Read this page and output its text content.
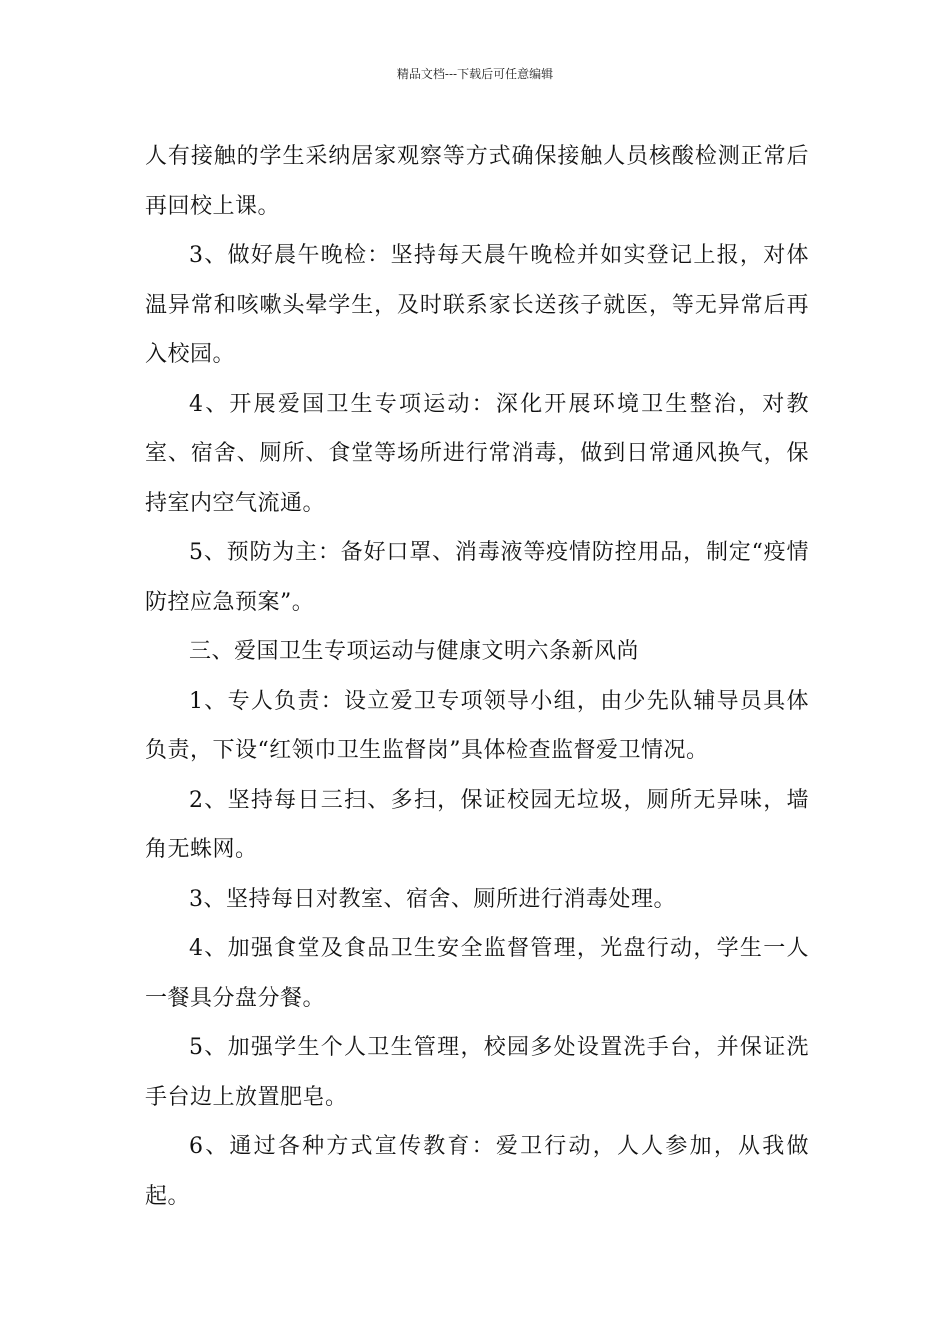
精品文档---下载后可任意编辑

人有接触的学生采纳居家观察等方式确保接触人员核酸检测正常后再回校上课。

3、做好晨午晚检：坚持每天晨午晚检并如实登记上报，对体温异常和咳嗽头晕学生，及时联系家长送孩子就医，等无异常后再入校园。

4、开展爱国卫生专项运动：深化开展环境卫生整治，对教室、宿舍、厕所、食堂等场所进行常消毒，做到日常通风换气，保持室内空气流通。

5、预防为主：备好口罩、消毒液等疫情防控用品，制定“疫情防控应急预案”。

三、爱国卫生专项运动与健康文明六条新风尚

1、专人负责：设立爱卫专项领导小组，由少先队辅导员具体负责，下设“红领巾卫生监督岗”具体检查监督爱卫情况。

2、坚持每日三扫、多扫，保证校园无垃圾，厕所无异味，墙角无蛛网。

3、坚持每日对教室、宿舍、厕所进行消毒处理。

4、加强食堂及食品卫生安全监督管理，光盘行动，学生一人一餐具分盘分餐。

5、加强学生个人卫生管理，校园多处设置洗手台，并保证洗手台边上放置肥皂。

6、通过各种方式宣传教育：爱卫行动，人人参加，从我做起。
